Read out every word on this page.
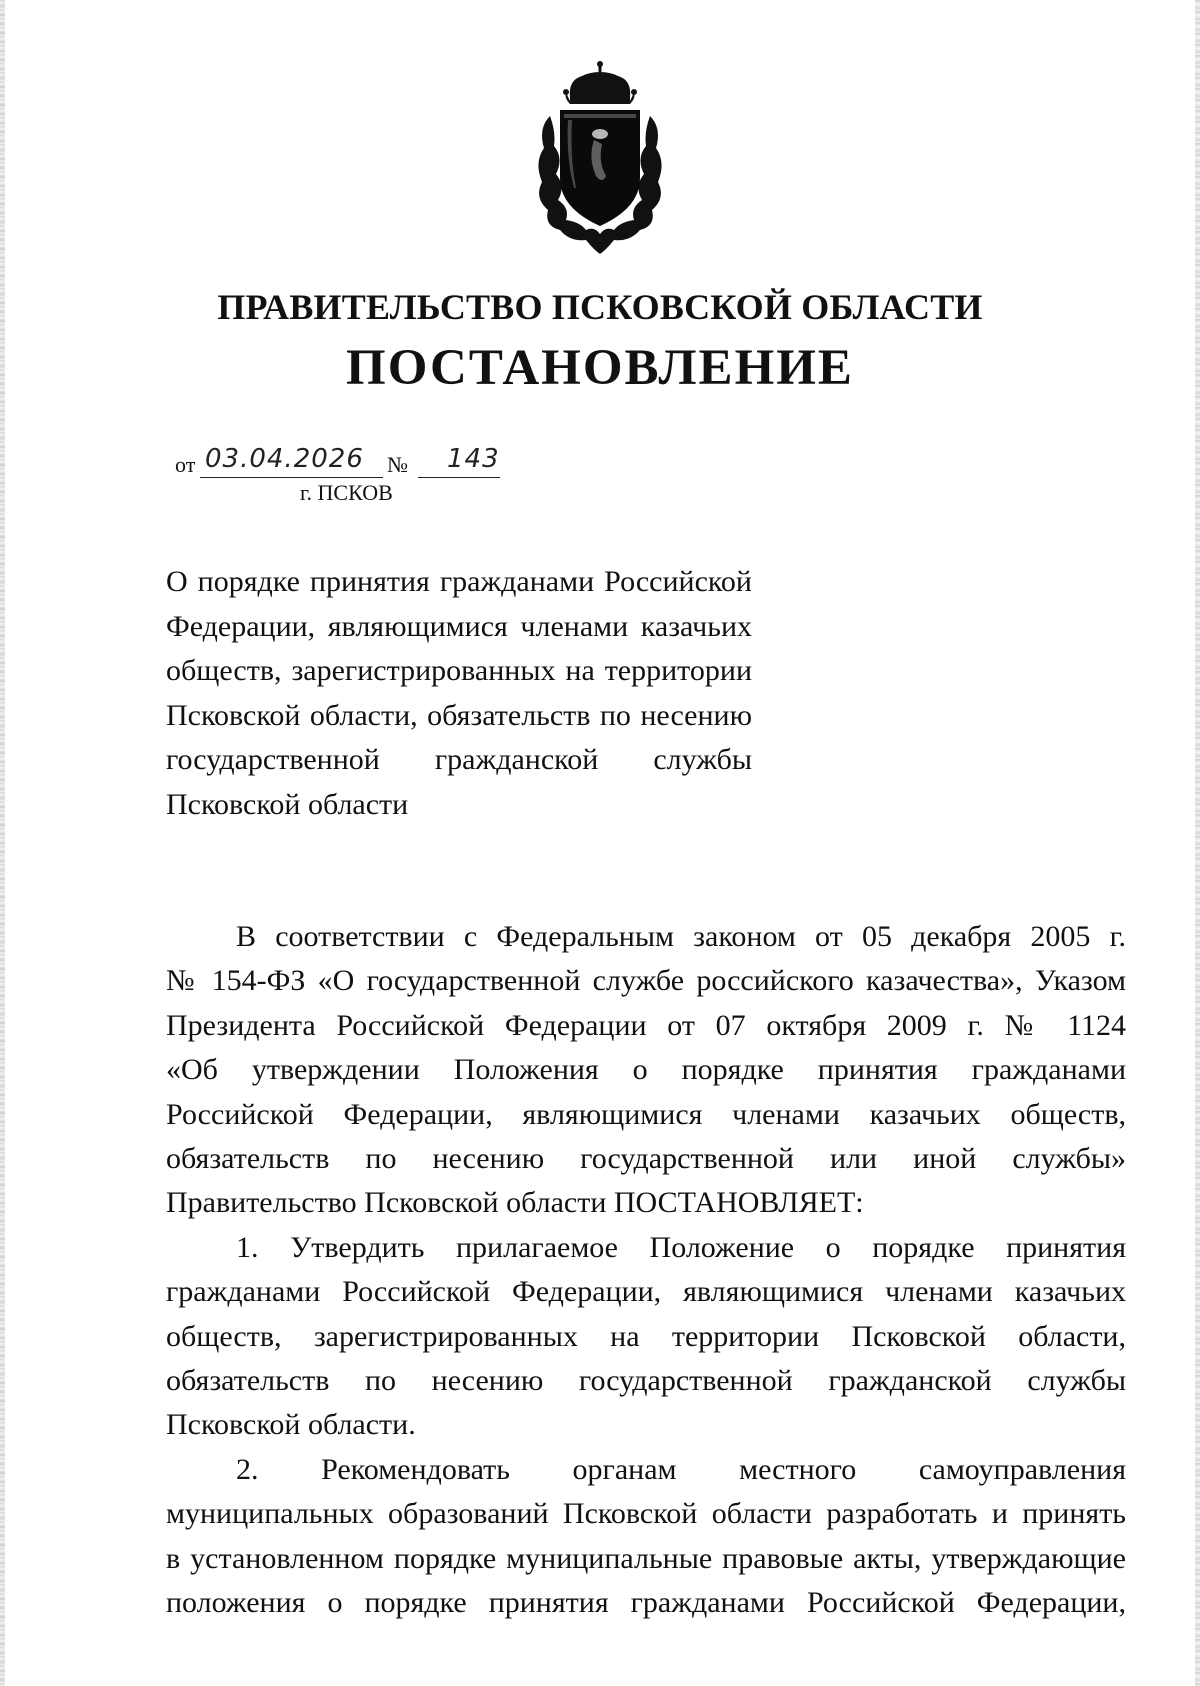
ПРАВИТЕЛЬСТВО ПСКОВСКОЙ ОБЛАСТИ
ПОСТАНОВЛЕНИЕ
от 03.04.2026 № 143
г. ПСКОВ
О порядке принятия гражданами Российской
Федерации, являющимися членами казачьих
обществ, зарегистрированных на территории
Псковской области, обязательств по несению
государственной гражданской службы
Псковской области
В соответствии с Федеральным законом от 05 декабря 2005 г.
№ 154-ФЗ «О государственной службе российского казачества», Указом
Президента Российской Федерации от 07 октября 2009 г. № 1124
«Об утверждении Положения о порядке принятия гражданами
Российской Федерации, являющимися членами казачьих обществ,
обязательств по несению государственной или иной службы»
Правительство Псковской области ПОСТАНОВЛЯЕТ:
1. Утвердить прилагаемое Положение о порядке принятия
гражданами Российской Федерации, являющимися членами казачьих
обществ, зарегистрированных на территории Псковской области,
обязательств по несению государственной гражданской службы
Псковской области.
2. Рекомендовать органам местного самоуправления
муниципальных образований Псковской области разработать и принять
в установленном порядке муниципальные правовые акты, утверждающие
положения о порядке принятия гражданами Российской Федерации,
